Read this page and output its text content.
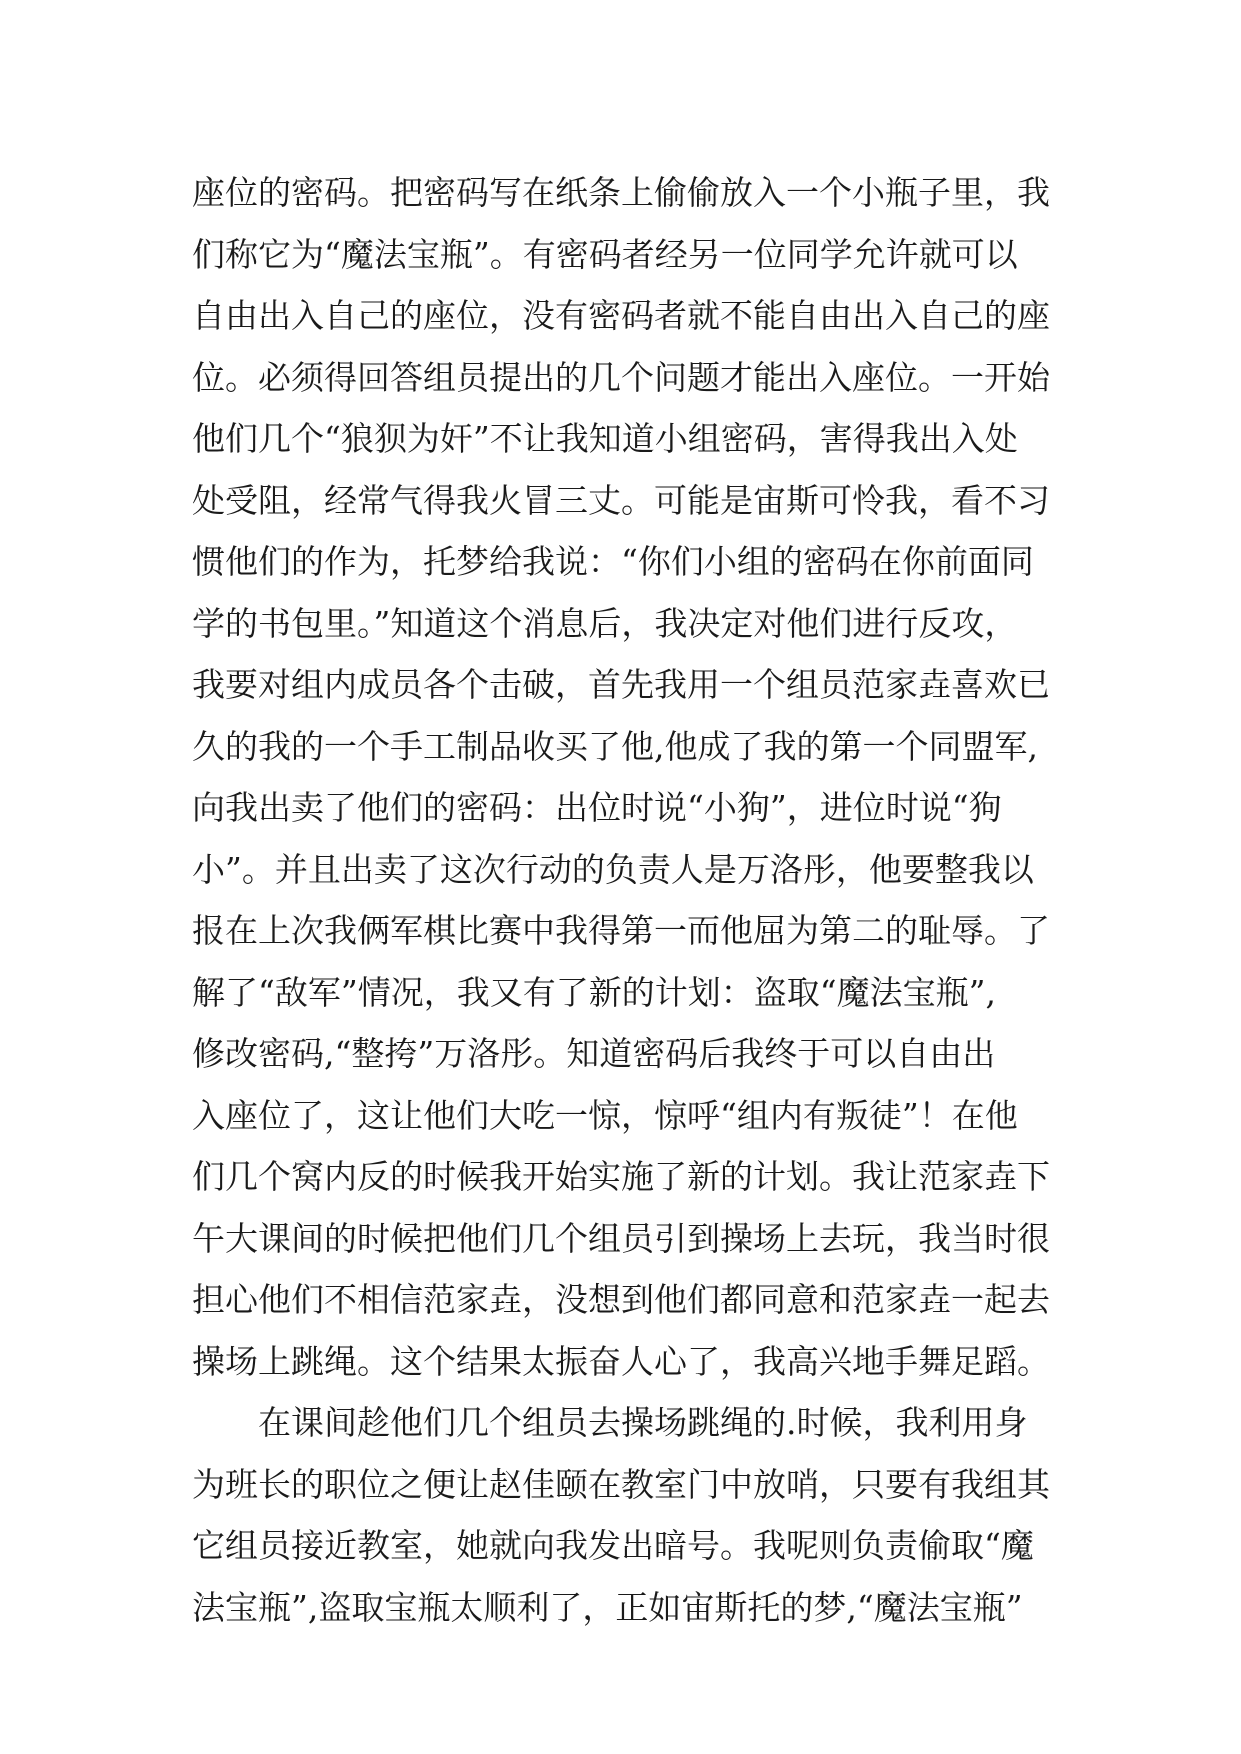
座位的密码。把密码写在纸条上偷偷放入一个小瓶子里，我
们称它为“魔法宝瓶”。有密码者经另一位同学允许就可以
自由出入自己的座位，没有密码者就不能自由出入自己的座
位。必须得回答组员提出的几个问题才能出入座位。一开始
他们几个“狼狈为奸”不让我知道小组密码，害得我出入处
处受阻，经常气得我火冒三丈。可能是宙斯可怜我，看不习
惯他们的作为，托梦给我说：“你们小组的密码在你前面同
学的书包里。”知道这个消息后，我决定对他们进行反攻，
我要对组内成员各个击破，首先我用一个组员范家垚喜欢已
久的我的一个手工制品收买了他,他成了我的第一个同盟军,
向我出卖了他们的密码：出位时说“小狗”，进位时说“狗
小”。并且出卖了这次行动的负责人是万洛彤，他要整我以
报在上次我俩军棋比赛中我得第一而他屈为第二的耻辱。了
解了“敌军”情况，我又有了新的计划：盗取“魔法宝瓶”,
修改密码,“整挎”万洛彤。知道密码后我终于可以自由出
入座位了，这让他们大吃一惊，惊呼“组内有叛徒”！在他
们几个窝内反的时候我开始实施了新的计划。我让范家垚下
午大课间的时候把他们几个组员引到操场上去玩，我当时很
担心他们不相信范家垚，没想到他们都同意和范家垚一起去
操场上跳绳。这个结果太振奋人心了，我高兴地手舞足蹈。
　　在课间趁他们几个组员去操场跳绳的.时候，我利用身
为班长的职位之便让赵佳颐在教室门中放哨，只要有我组其
它组员接近教室，她就向我发出暗号。我呢则负责偷取“魔
法宝瓶”,盗取宝瓶太顺利了，正如宙斯托的梦,“魔法宝瓶”
